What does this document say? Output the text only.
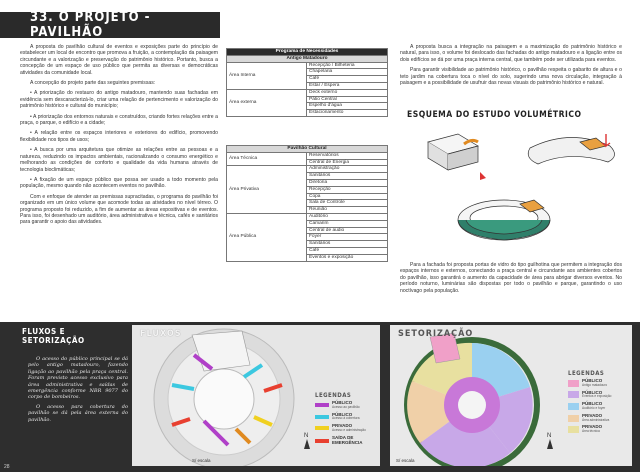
33. O PROJETO - PAVILHÃO

A proposta do pavilhão cultural de eventos e exposições parte do princípio de estabelecer um local de encontro que promova a fruição, a contemplação da paisagem circundante e a valorização e preservação do patrimônio histórico. Portanto, busca a concepção de um espaço de uso público que permita as diversas e democráticas atividades da comunidade local.

A concepção do projeto parte das seguintes premissas:

• A priorização do restauro do antigo matadouro, mantendo suas fachadas em evidência sem descaracterizá-lo, criar uma relação de pertencimento e valorização do patrimônio histórico e cultural do município;

• A priorização dos entornos naturais e construídos, criando fortes relações entre a praça, o parque, o edifício e a cidade;

• A relação entre os espaços interiores e exteriores do edifício, promovendo flexibilidade nos tipos de usos;

• A busca por uma arquitetura que otimize as relações entre as pessoas e a natureza, reduzindo os impactos ambientais, racionalizando o consumo energético e melhorando as condições de conforto e qualidade da vida humana através de tecnologia bioclimáticas;

• A fixação de um espaço público que possa ser usado a todo momento pela população, mesmo quando não acontecem eventos no pavilhão.

Com e enfoque de atender as premissas supracitadas, o programa do pavilhão foi organizado em um único volume que acomode todas as atividades no nível térreo. O programa proposto foi reduzido, a fim de aumentar as áreas expositivas e de eventos. Para isso, foi desenhado um auditório, área administrativa e técnica, cafés e sanitários para garantir o apoio das atividades.

Programa de Necessidades	
Antigo Matadouro	
Área Interna	Recepção / Bilheteria
	Chapelaria
	Café
	Estar / Espera
Área externa	Deck externo
	Pátio Central
	Espelho d'água
	Estacionamento
Pavilhão Cultural	
Área Técnica	Reservatórios
	Central de Energia
Área Privativa	Administração
	Sanitários
	Diretoria
	Recepção
	Copa
	Sala de Controle
	Reunião
Área Pública	Auditório
	Camarim
	Central de audio
	Foyer
	Sanitários
	Café
	Eventos e exposição

A proposta busca a integração na paisagem e a maximização do patrimônio histórico e natural, para isso, o volume foi deslocado das fachadas do antigo matadouro e a ligação entre os dois edifícios se dá por uma praça interna central, que também pode ser utilizada para eventos.

Para garantir visibilidade ao patrimônio histórico, o pavilhão respeita o gabarito de altura e o teto jardim na cobertura toca o nível do solo, sugerindo uma nova circulação, integração à paisagem e a possibilidade de usufruir das novas visuais do patrimônio histórico e natural.

ESQUEMA DO ESTUDO VOLUMÉTRICO

Para a fachada foi proposta portas de vidro do tipo guilhotina que permitem a integração dos espaços internos e externos, conectando a praça central e circundante aos ambientes cobertos do pavilhão, isso garantirá o aumento da capacidade de área para abrigar diversos eventos. No período noturno, luminárias são dispostas por todo o pavilhão e parque, garantindo o uso noctívago pela população.

FLUXOS E SETORIZAÇÃO

O acesso do público principal se dá pelo antigo matadouro, fazendo ligação ao pavilhão pela praça central. Foram previsto acesso exclusivo para área administrativa e saídas de emergência conforme NBR 9077 do corpo de bombeiros.

O acesso para cobertura do pavilhão se dá pela área externa do pavilhão.

N
FLUXOS
S/ escala
LEGENDAS
PÚBLICO
Acesso ao pavilhão
PÚBLICO
Acesso à cobertura
PRIVADO
Acesso e administração
SAÍDA DE EMERGÊNCIA
N
SETORIZAÇÃO
S/ escala
LEGENDAS
PÚBLICO
Antigo matadouro
PÚBLICO
Eventos e exposição
PÚBLICO
Auditório e foyer
PRIVADO
Área administrativa
PRIVADO
Área técnica
28
